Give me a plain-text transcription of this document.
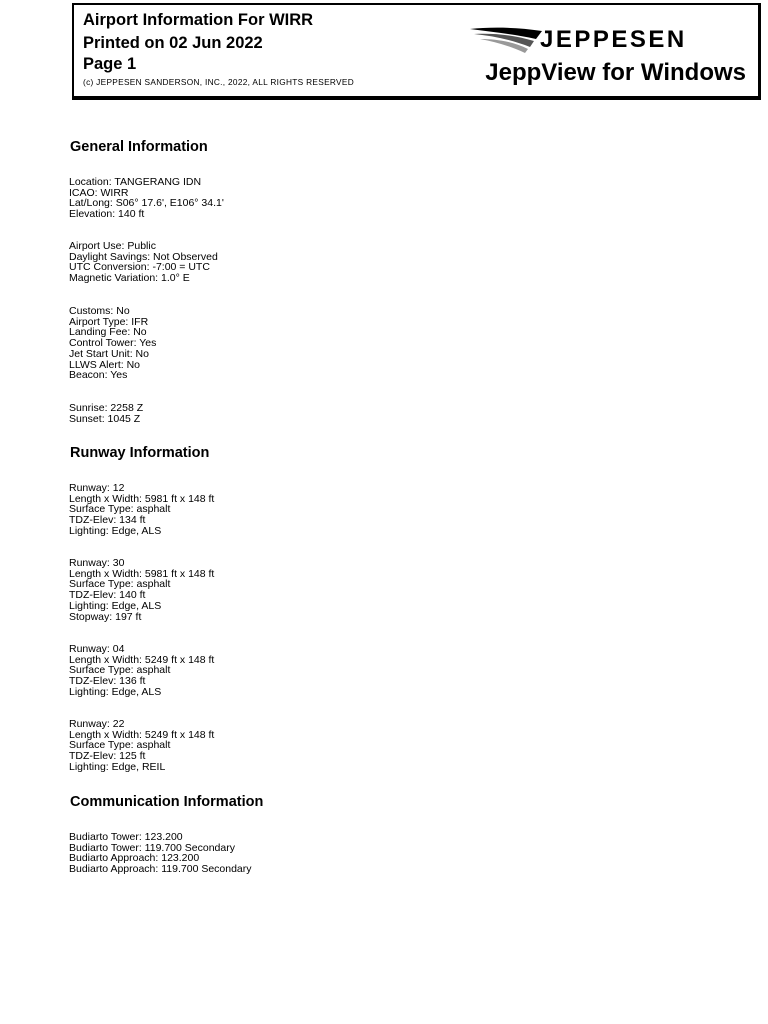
Airport Information For WIRR
Printed on 02 Jun 2022
Page 1
(c) JEPPESEN SANDERSON, INC., 2022, ALL RIGHTS RESERVED
JEPPESEN
JeppView for Windows
General Information
Location: TANGERANG IDN
ICAO: WIRR
Lat/Long: S06° 17.6', E106° 34.1'
Elevation: 140 ft
Airport Use: Public
Daylight Savings: Not Observed
UTC Conversion: -7:00 = UTC
Magnetic Variation: 1.0° E
Customs: No
Airport Type: IFR
Landing Fee: No
Control Tower: Yes
Jet Start Unit: No
LLWS Alert: No
Beacon: Yes
Sunrise: 2258 Z
Sunset: 1045 Z
Runway Information
Runway: 12
Length x Width: 5981 ft x 148 ft
Surface Type: asphalt
TDZ-Elev: 134 ft
Lighting: Edge, ALS
Runway: 30
Length x Width: 5981 ft x 148 ft
Surface Type: asphalt
TDZ-Elev: 140 ft
Lighting: Edge, ALS
Stopway: 197 ft
Runway: 04
Length x Width: 5249 ft x 148 ft
Surface Type: asphalt
TDZ-Elev: 136 ft
Lighting: Edge, ALS
Runway: 22
Length x Width: 5249 ft x 148 ft
Surface Type: asphalt
TDZ-Elev: 125 ft
Lighting: Edge, REIL
Communication Information
Budiarto Tower: 123.200
Budiarto Tower: 119.700 Secondary
Budiarto Approach: 123.200
Budiarto Approach: 119.700 Secondary
